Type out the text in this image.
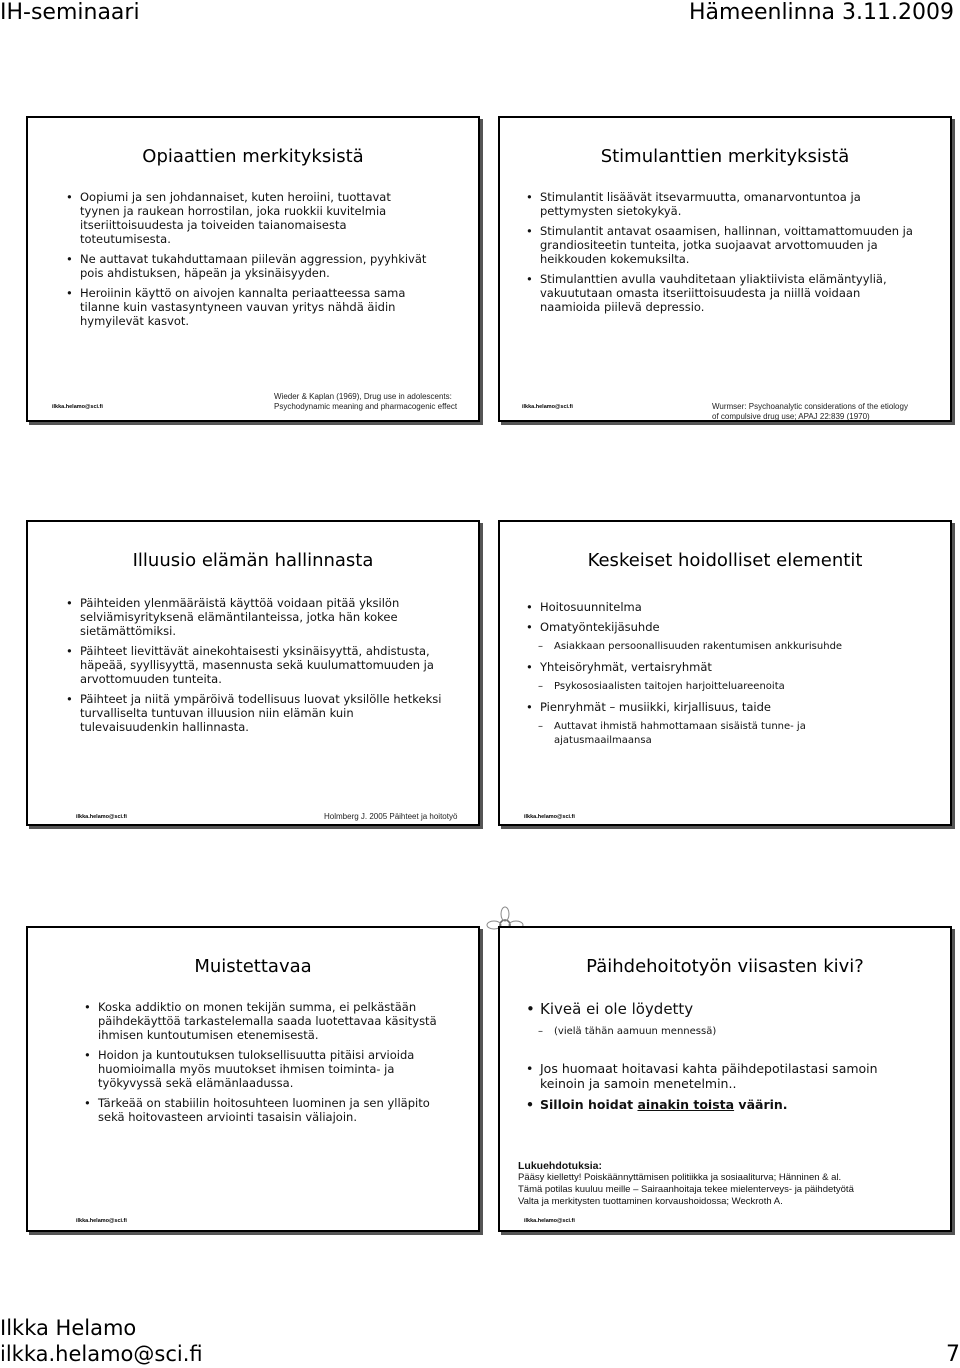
IH-seminaari	Hämeenlinna 3.11.2009
Opiaattien merkityksistä
• Oopiumi ja sen johdannaiset, kuten heroiini, tuottavat tyynen ja raukean horrostilan, joka ruokkii kuvitelmia itseriittoisuudesta ja toiveiden taianomaisesta toteutumisesta.
• Ne auttavat tukahduttamaan piilevän aggression, pyyhkivät pois ahdistuksen, häpeän ja yksinäisyyden.
• Heroiinin käyttö on aivojen kannalta periaatteessa sama tilanne kuin vastasyntyneen vauvan yritys nähdä äidin hymyilevät kasvot.
ilkka.helamo@sci.fi
Wieder & Kaplan (1969), Drug use in adolescents: Psychodynamic meaning and pharmacogenic effect
Stimulanttien merkityksistä
• Stimulantit lisäävät itsevarmuutta, omanarvontuntoa ja pettymysten sietokykyä.
• Stimulantit antavat osaamisen, hallinnan, voittamattomuuden ja grandiositeetin tunteita, jotka suojaavat arvottomuuden ja heikkouden kokemuksilta.
• Stimulanttien avulla vauhditetaan yliaktiivista elämäntyyliä, vakuututaan omasta itseriittoisuudesta ja niillä voidaan naamioida piilevä depressio.
ilkka.helamo@sci.fi	Wurmser: Psychoanalytic considerations of the etiology of compulsive drug use; APAJ 22:839 (1970)
Illuusio elämän hallinnasta
• Päihteiden ylenmääräistä käyttöä voidaan pitää yksilön selviämisyrityksenä elämäntilanteissa, jotka hän kokee sietämättömiksi.
• Päihteet lievittävät ainekohtaisesti yksinäisyyttä, ahdistusta, häpeää, syyllisyyttä, masennusta sekä kuulumattomuuden ja arvottomuuden tunteita.
• Päihteet ja niitä ympäröivä todellisuus luovat yksilölle hetkeksi turvalliselta tuntuvan illuusion niin elämän kuin tulevaisuudenkin hallinnasta.
ilkka.helamo@sci.fi	Holmberg J. 2005 Päihteet ja hoitotyö
Keskeiset hoidolliset elementit
• Hoitosuunnitelma
• Omatyöntekijäsuhde
– Asiakkaan persoonallisuuden rakentumisen ankkurisuhde
• Yhteisöryhmät, vertaisryhmät
– Psykososiaalisten taitojen harjoitteluareenoita
• Pienryhmät – musiikki, kirjallisuus, taide
– Auttavat ihmistä hahmottamaan sisäistä tunne- ja ajatusmaailmaansa
ilkka.helamo@sci.fi
Muistettavaa
• Koska addiktio on monen tekijän summa, ei pelkästään päihdekäyttöä tarkastelemalla saada luotettavaa käsitystä ihmisen kuntoutumisen etenemisestä.
• Hoidon ja kuntoutuksen tuloksellisuutta pitäisi arvioida huomioimalla myös muutokset ihmisen toiminta- ja työkyvyssä sekä elämänlaadussa.
• Tärkeää on stabiilin hoitosuhteen luominen ja sen ylläpito sekä hoitovasteen arviointi tasaisin väliajoin.
ilkka.helamo@sci.fi
Päihdehoitotyön viisasten kivi?
• Kiveä ei ole löydetty
– (vielä tähän aamuun mennessä)
• Jos huomaat hoitavasi kahta päihdepotilastasi samoin keinoin ja samoin menetelmin..
• Silloin hoidat ainakin toista väärin.
Lukuehdotuksia:
Pääsy kielletty! Poiskäännyttämisen politiikka ja sosiaaliturva; Hänninen & al.
Tämä potilas kuuluu meille – Sairaanhoitaja tekee mielenterveys- ja päihdetyötä
Valta ja merkitysten tuottaminen korvaushoidossa; Weckroth A.
ilkka.helamo@sci.fi
Ilkka Helamo
ilkka.helamo@sci.fi	7
